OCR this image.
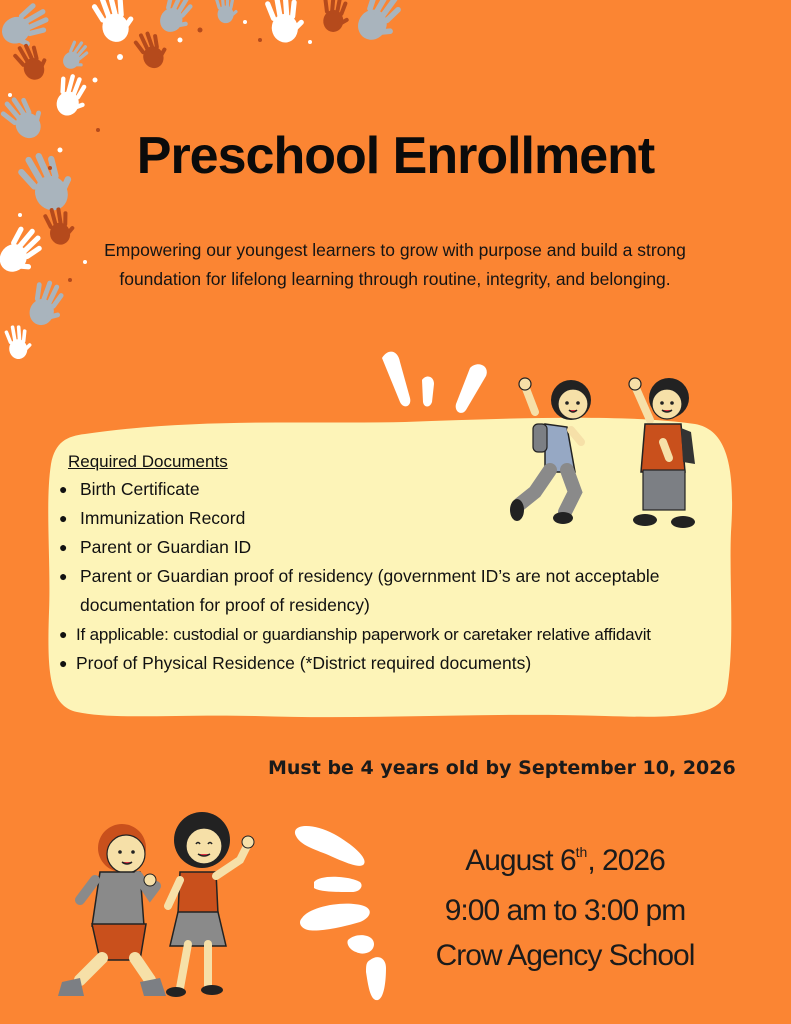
Preschool Enrollment

Empowering our youngest learners to grow with purpose and build a strong foundation for lifelong learning through routine, integrity, and belonging.

Required Documents

● Birth Certificate
● Immunization Record
● Parent or Guardian ID
● Parent or Guardian proof of residency (government ID’s are not acceptable documentation for proof of residency)
● If applicable: custodial or guardianship paperwork or caretaker relative affidavit
● Proof of Physical Residence (*District required documents)

Must be 4 years old by September 10, 2026

August 6th, 2026

9:00 am to 3:00 pm

Crow Agency School
